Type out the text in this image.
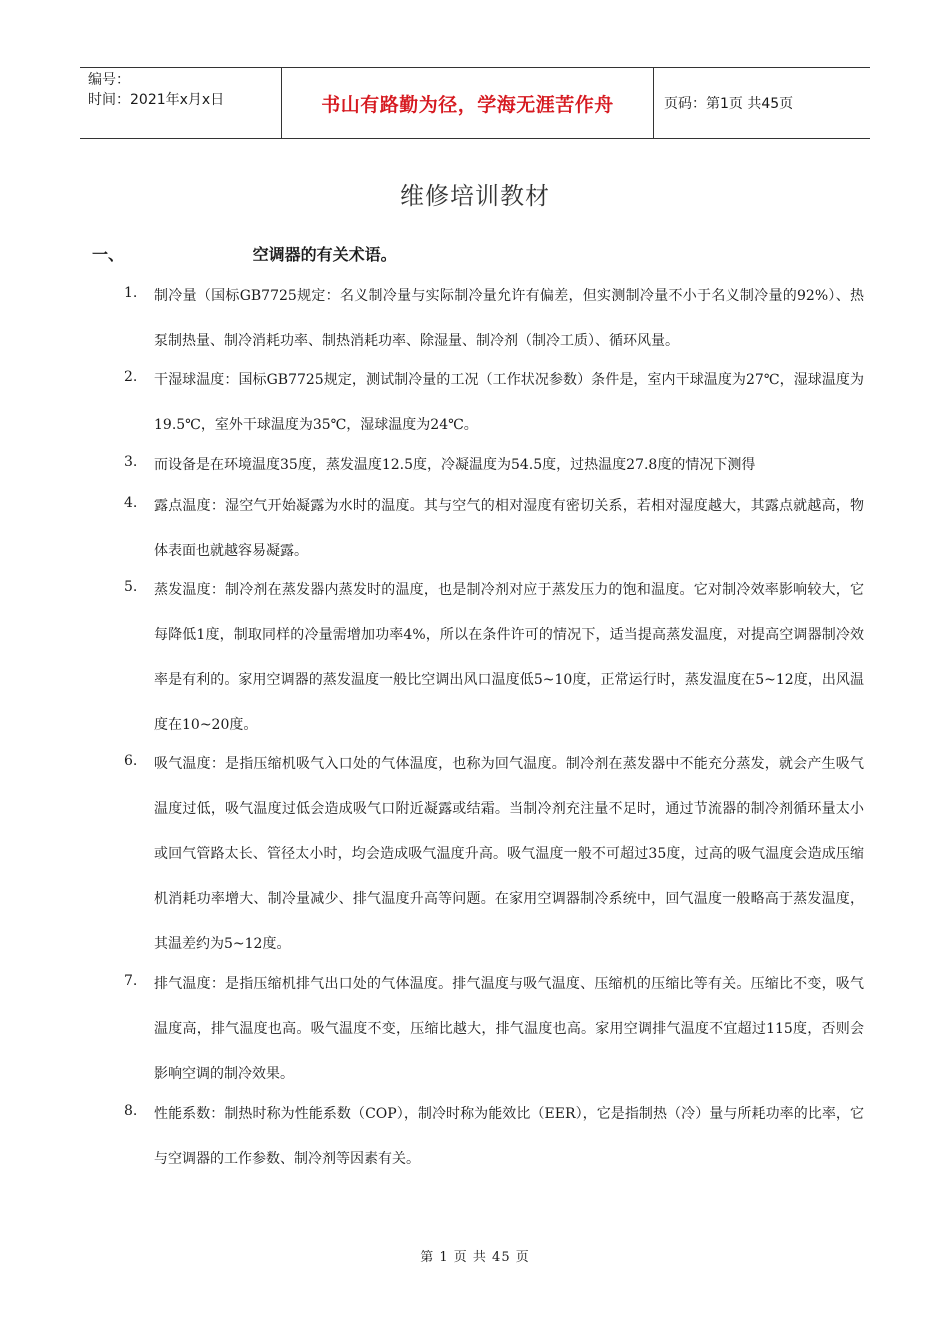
编号：
时间：2021年x月x日	书山有路勤为径，学海无涯苦作舟	页码：第1页 共45页
维修培训教材
一、	空调器的有关术语。
1.	制冷量（国标GB7725规定：名义制冷量与实际制冷量允许有偏差，但实测制冷量不小于名义制冷量的92%）、热泵制热量、制冷消耗功率、制热消耗功率、除湿量、制冷剂（制冷工质）、循环风量。
2.	干湿球温度：国标GB7725规定，测试制冷量的工况（工作状况参数）条件是，室内干球温度为27℃，湿球温度为19.5℃，室外干球温度为35℃，湿球温度为24℃。
3.	而设备是在环境温度35度，蒸发温度12.5度，冷凝温度为54.5度，过热温度27.8度的情况下测得
4.	露点温度：湿空气开始凝露为水时的温度。其与空气的相对湿度有密切关系，若相对湿度越大，其露点就越高，物体表面也就越容易凝露。
5.	蒸发温度：制冷剂在蒸发器内蒸发时的温度，也是制冷剂对应于蒸发压力的饱和温度。它对制冷效率影响较大，它每降低1度，制取同样的冷量需增加功率4%，所以在条件许可的情况下，适当提高蒸发温度，对提高空调器制冷效率是有利的。家用空调器的蒸发温度一般比空调出风口温度低5~10度，正常运行时，蒸发温度在5~12度，出风温度在10~20度。
6.	吸气温度：是指压缩机吸气入口处的气体温度，也称为回气温度。制冷剂在蒸发器中不能充分蒸发，就会产生吸气温度过低，吸气温度过低会造成吸气口附近凝露或结霜。当制冷剂充注量不足时，通过节流器的制冷剂循环量太小或回气管路太长、管径太小时，均会造成吸气温度升高。吸气温度一般不可超过35度，过高的吸气温度会造成压缩机消耗功率增大、制冷量减少、排气温度升高等问题。在家用空调器制冷系统中，回气温度一般略高于蒸发温度，其温差约为5~12度。
7.	排气温度：是指压缩机排气出口处的气体温度。排气温度与吸气温度、压缩机的压缩比等有关。压缩比不变，吸气温度高，排气温度也高。吸气温度不变，压缩比越大，排气温度也高。家用空调排气温度不宜超过115度，否则会影响空调的制冷效果。
8.	性能系数：制热时称为性能系数（COP），制冷时称为能效比（EER），它是指制热（冷）量与所耗功率的比率，它与空调器的工作参数、制冷剂等因素有关。
第 1 页 共 45 页
